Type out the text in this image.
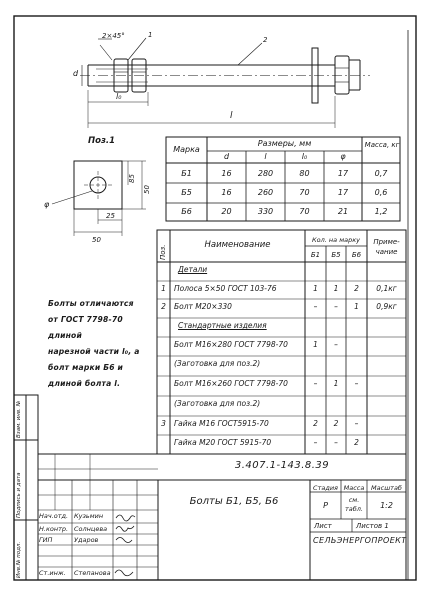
2×45°	1
2
d
l₀
l
Поз.1
85
50
25
50
φ
Марка
Размеры, мм	Масса, кг
d	l	l₀	φ
Б1	16	280	80	17	0,7
Б5	16	260	70	17	0,6
Б6	20	330	70	21	1,2
Поз.	Наименование	Кол. на марку
Б1	Б5	Б6
Приме-чание
Детали
1	Полоса 5×50 ГОСТ 103-76	1	1	2	0,1кг
2	Болт М20×330	–	–	1	0,9кг
Стандартные изделия
Болт М16×280 ГОСТ 7798-70	1	–
(Заготовка для поз.2)
Болт М16×260 ГОСТ 7798-70	–	1	–
(Заготовка для поз.2)
3	Гайка М16 ГОСТ5915-70	2	2	–
Гайка М20 ГОСТ 5915-70	–	–	2
Болты отличаются
от ГОСТ 7798-70 длиной
нарезной части l₀, а
болт марки Б6 и
длиной болта l.
3.407.1-143.8.39
Болты Б1, Б5, Б6
Стадия Масса	Масштаб
Р
см. табл.	1:2
Лист	Листов 1
СЕЛЬЭНЕРГОПРОЕКТ
Нач.отд. Кузьмин
Н.контр. Солнцева
ГИП	Ударов
Ст.инж. Степанова
Взам. инв. №
Подпись и дата
Инв.№ подл.
